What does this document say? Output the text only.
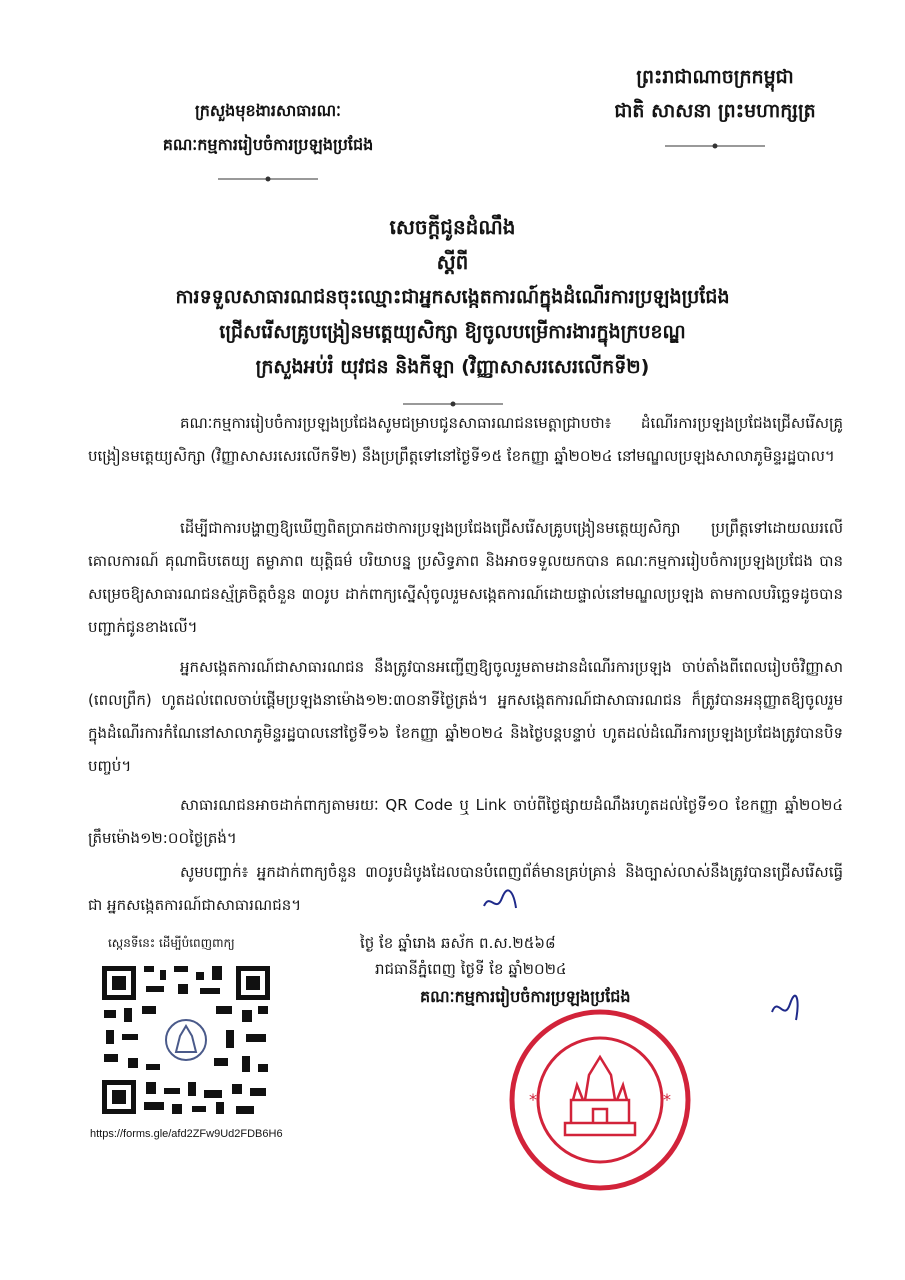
ព្រះរាជាណាចក្រកម្ពុជា
ជាតិ សាសនា ព្រះមហាក្សត្រ
ក្រសួងមុខងារសាធារណៈ
គណៈកម្មការរៀបចំការប្រឡងប្រជែង
សេចក្តីជូនដំណឹង
ស្តីពី
ការទទួលសាធារណជនចុះឈ្មោះជាអ្នកសង្កេតការណ៍ក្នុងដំណើរការប្រឡងប្រជែង
ជ្រើសរើសគ្រូបង្រៀនមត្តេយ្យសិក្សា ឱ្យចូលបម្រើការងារក្នុងក្របខណ្ឌ
ក្រសួងអប់រំ យុវជន និងកីឡា (វិញ្ញាសាសរសេរលើកទី២)
គណៈកម្មការរៀបចំការប្រឡងប្រជែងសូមជម្រាបជូនសាធារណជនមេត្តាជ្រាបថា៖ ដំណើរការប្រឡងប្រជែងជ្រើសរើសគ្រូបង្រៀនមត្តេយ្យសិក្សា (វិញ្ញាសាសរសេរលើកទី២) នឹងប្រព្រឹត្តទៅនៅថ្ងៃទី១៥ ខែកញ្ញា ឆ្នាំ២០២៤ នៅមណ្ឌលប្រឡងសាលាភូមិន្ទរដ្ឋបាល។
ដើម្បីជាការបង្ហាញឱ្យឃើញពិតប្រាកដថាការប្រឡងប្រជែងជ្រើសរើសគ្រូបង្រៀនមត្តេយ្យសិក្សា ប្រព្រឹត្តទៅដោយឈរលើគោលការណ៍ គុណាធិបតេយ្យ តម្លាភាព យុត្តិធម៌ បរិយាបន្ន ប្រសិទ្ធភាព និងអាចទទួលយកបាន គណៈកម្មការរៀបចំការប្រឡងប្រជែង បានសម្រេចឱ្យសាធារណជនស្ម័គ្រចិត្តចំនួន ៣០រូប ដាក់ពាក្យស្នើសុំចូលរួមសង្កេតការណ៍ដោយផ្ទាល់នៅមណ្ឌលប្រឡង តាមកាលបរិច្ឆេទដូចបានបញ្ជាក់ជូនខាងលើ។
អ្នកសង្កេតការណ៍ជាសាធារណជន នឹងត្រូវបានអញ្ជើញឱ្យចូលរួមតាមដានដំណើរការប្រឡង ចាប់តាំងពីពេលរៀបចំវិញ្ញាសា (ពេលព្រឹក) ហូតដល់ពេលចាប់ផ្តើមប្រឡងនាម៉ោង១២:៣០នាទីថ្ងៃត្រង់។ អ្នកសង្កេតការណ៍ជាសាធារណជន ក៏ត្រូវបានអនុញ្ញាតឱ្យចូលរួមក្នុងដំណើរការកំណែនៅសាលាភូមិន្ទរដ្ឋបាលនៅថ្ងៃទី១៦ ខែកញ្ញា ឆ្នាំ២០២៤ និងថ្ងៃបន្តបន្ទាប់ ហូតដល់ដំណើរការប្រឡងប្រជែងត្រូវបានបិទបញ្ចប់។
សាធារណជនអាចដាក់ពាក្យតាមរយៈ QR Code ឬ Link ចាប់ពីថ្ងៃផ្សាយដំណឹងរហូតដល់ថ្ងៃទី១០ ខែកញ្ញា ឆ្នាំ២០២៤ ត្រឹមម៉ោង១២:០០ថ្ងៃត្រង់។
សូមបញ្ជាក់៖ អ្នកដាក់ពាក្យចំនួន ៣០រូបដំបូងដែលបានបំពេញព័ត៌មានគ្រប់គ្រាន់ និងច្បាស់លាស់នឹងត្រូវបានជ្រើសរើសធ្វើជា អ្នកសង្កេតការណ៍ជាសាធារណជន។
ថ្ងៃ ខែ ឆ្នាំរោង ឆស័ក ព.ស.២៥៦៨
រាជធានីភ្នំពេញ ថ្ងៃទី ខែ ឆ្នាំ២០២៤
គណៈកម្មការរៀបចំការប្រឡងប្រជែង
*	*
ស្កេនទីនេះ ដើម្បីបំពេញពាក្យ
https://forms.gle/afd2ZFw9Ud2FDB6H6
